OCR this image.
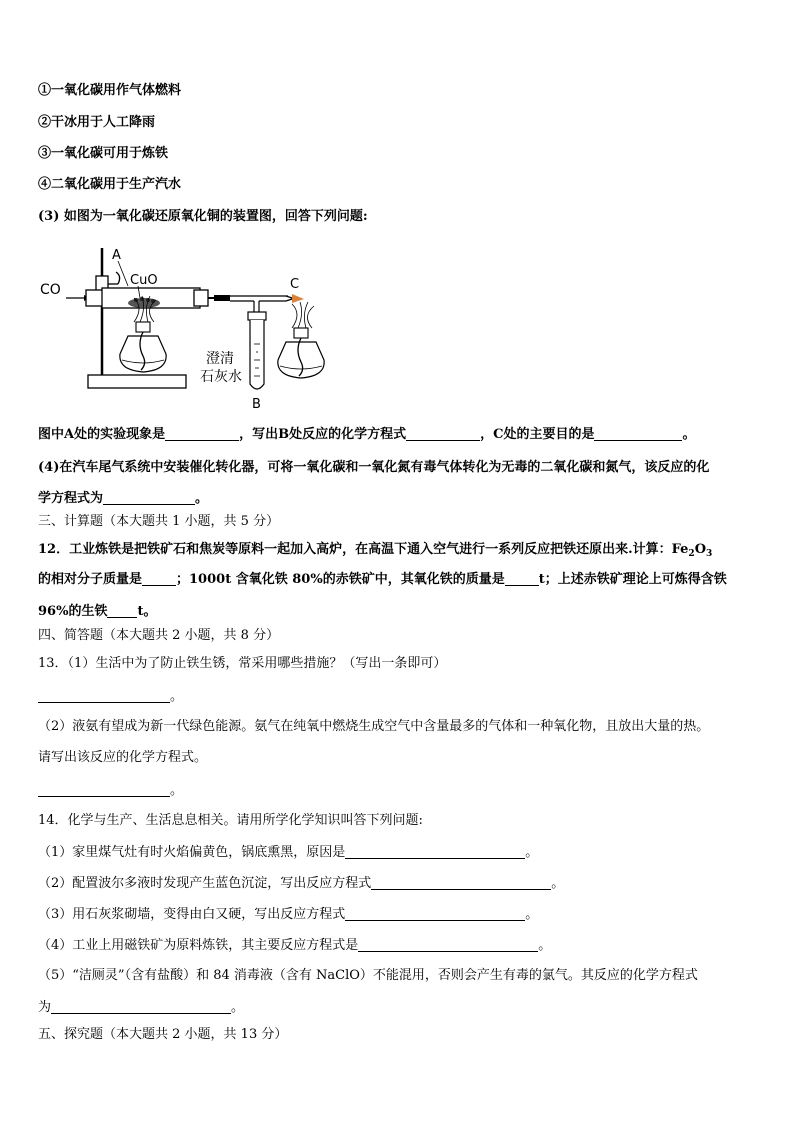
①一氧化碳用作气体燃料
②干冰用于人工降雨
③一氧化碳可用于炼铁
④二氧化碳用于生产汽水
(3) 如图为一氧化碳还原氧化铜的装置图，回答下列问题:
CO
A
CuO	C
澄清
石灰水
B
图中A处的实验现象是	，写出B处反应的化学方程式	，C处的主要目的是	。
(4)在汽车尾气系统中安装催化转化器，可将一氧化碳和一氧化氮有毒气体转化为无毒的二氧化碳和氮气，该反应的化
学方程式为	。
三、计算题（本大题共 1 小题，共 5 分）
12．工业炼铁是把铁矿石和焦炭等原料一起加入高炉，在高温下通入空气进行一系列反应把铁还原出来.计算：$Fe_2O_3$
的相对分子质量是	；1000t 含氧化铁 80%的赤铁矿中，其氧化铁的质量是	t；上述赤铁矿理论上可炼得含铁
96%的生铁 t。
四、简答题（本大题共 2 小题，共 8 分）
13．（1）生活中为了防止铁生锈，常采用哪些措施？（写出一条即可）
。
（2）液氨有望成为新一代绿色能源。氨气在纯氧中燃烧生成空气中含量最多的气体和一种氧化物，且放出大量的热。
请写出该反应的化学方程式。
。
14．化学与生产、生活息息相关。请用所学化学知识叫答下列问题:
（1）家里煤气灶有时火焰偏黄色，锅底熏黑，原因是	。
（2）配置波尔多液时发现产生蓝色沉淀，写出反应方程式	。
（3）用石灰浆砌墙，变得由白又硬，写出反应方程式	。
（4）工业上用磁铁矿为原料炼铁，其主要反应方程式是	。
（5）“洁厕灵”（含有盐酸）和 84 消毒液（含有 NaClO）不能混用，否则会产生有毒的氯气。其反应的化学方程式
为	。
五、探究题（本大题共 2 小题，共 13 分）
